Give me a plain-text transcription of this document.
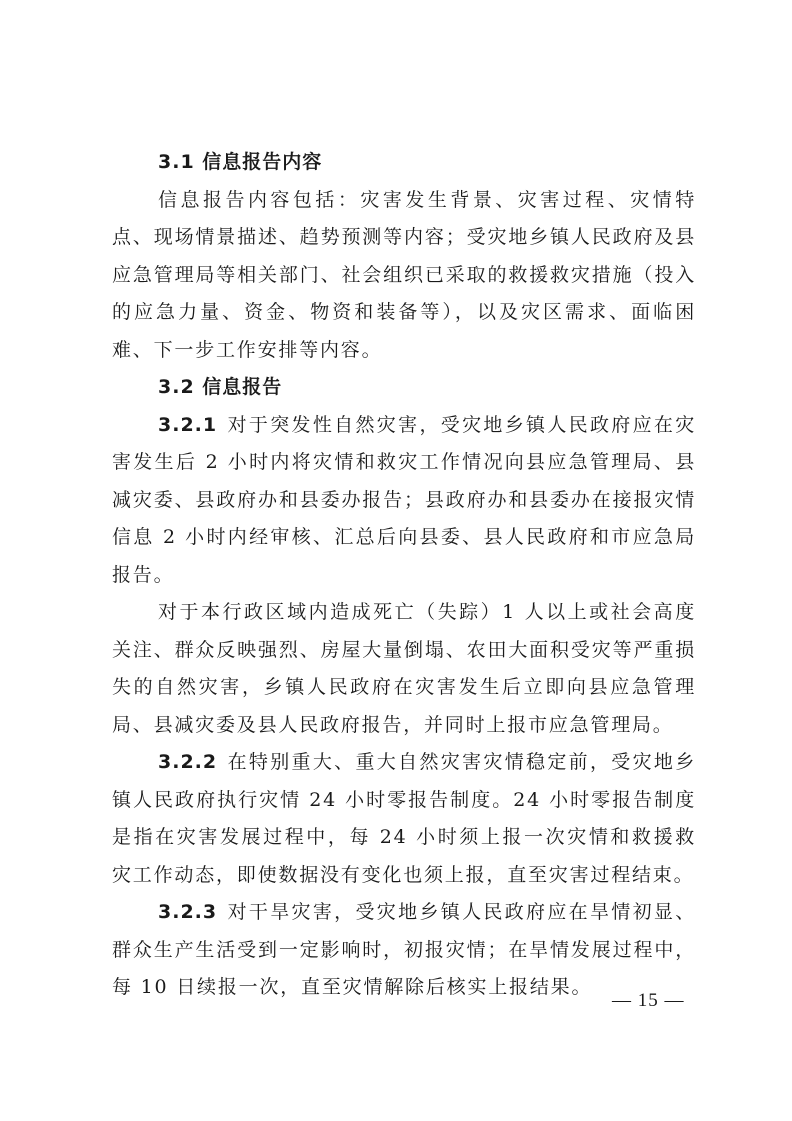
3.1 信息报告内容

信息报告内容包括：灾害发生背景、灾害过程、灾情特点、现场情景描述、趋势预测等内容；受灾地乡镇人民政府及县应急管理局等相关部门、社会组织已采取的救援救灾措施（投入的应急力量、资金、物资和装备等），以及灾区需求、面临困难、下一步工作安排等内容。

3.2 信息报告

3.2.1 对于突发性自然灾害，受灾地乡镇人民政府应在灾害发生后 2 小时内将灾情和救灾工作情况向县应急管理局、县减灾委、县政府办和县委办报告；县政府办和县委办在接报灾情信息 2 小时内经审核、汇总后向县委、县人民政府和市应急局报告。

对于本行政区域内造成死亡（失踪）1 人以上或社会高度关注、群众反映强烈、房屋大量倒塌、农田大面积受灾等严重损失的自然灾害，乡镇人民政府在灾害发生后立即向县应急管理局、县减灾委及县人民政府报告，并同时上报市应急管理局。

3.2.2 在特别重大、重大自然灾害灾情稳定前，受灾地乡镇人民政府执行灾情 24 小时零报告制度。24 小时零报告制度是指在灾害发展过程中，每 24 小时须上报一次灾情和救援救灾工作动态，即使数据没有变化也须上报，直至灾害过程结束。

3.2.3 对干旱灾害，受灾地乡镇人民政府应在旱情初显、群众生产生活受到一定影响时，初报灾情；在旱情发展过程中，每 10 日续报一次，直至灾情解除后核实上报结果。

— 15 —
